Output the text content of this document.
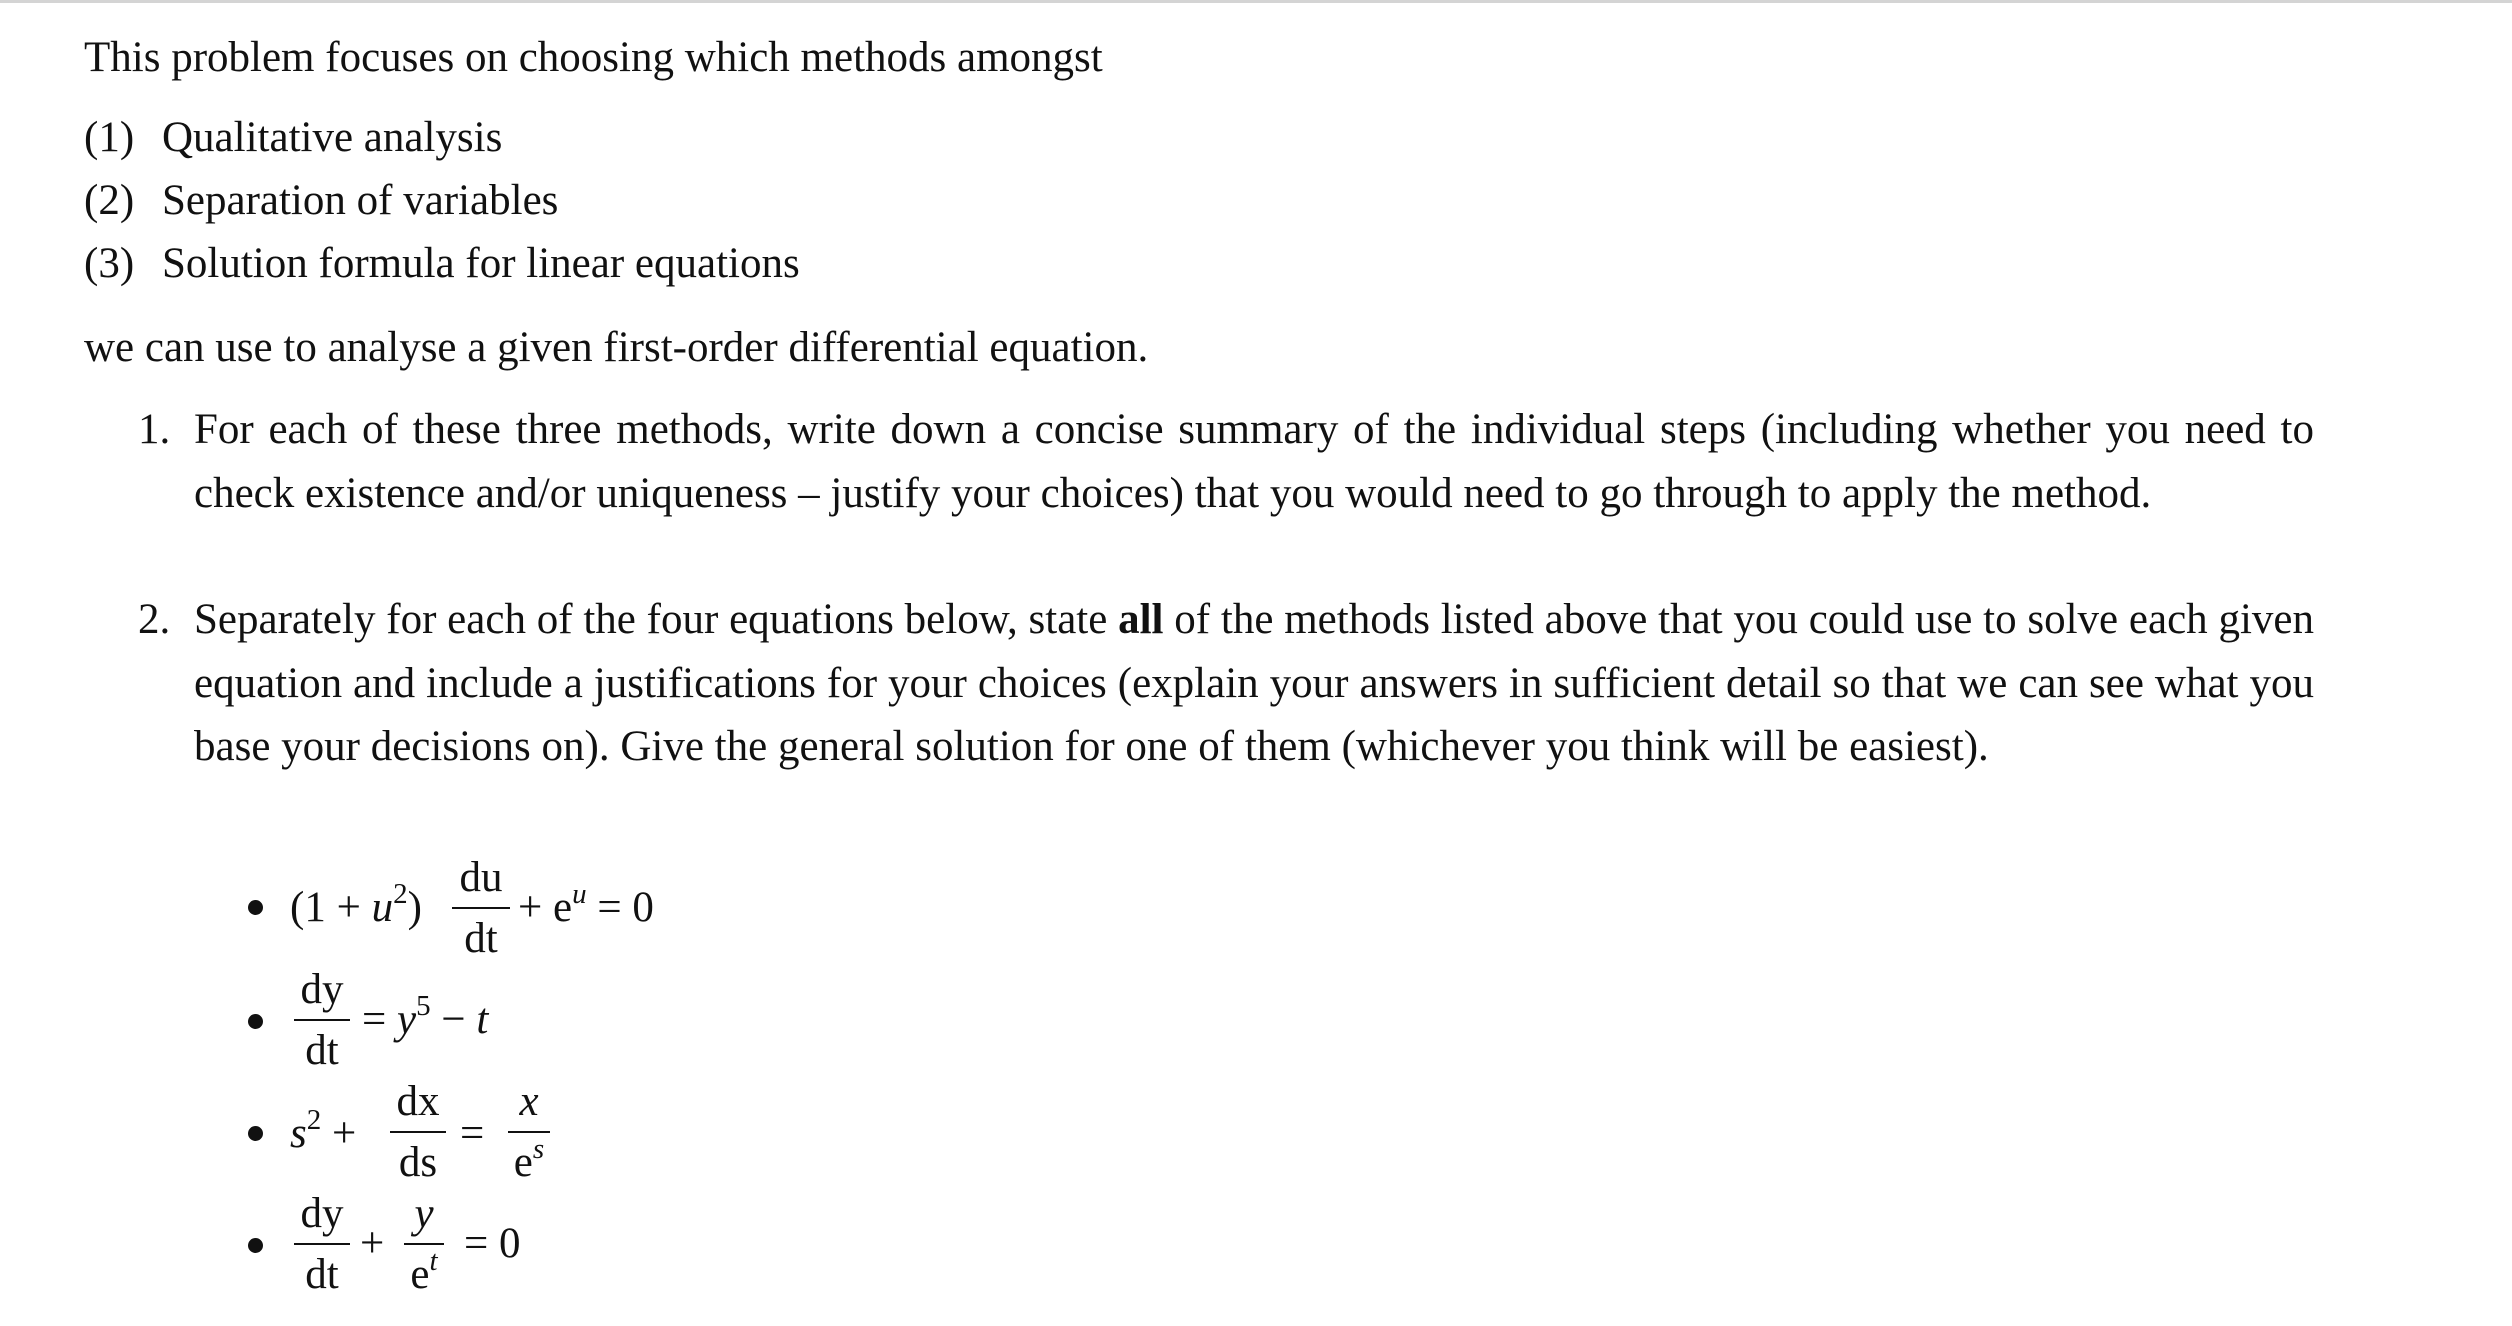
This problem focuses on choosing which methods amongst
(1) Qualitative analysis
(2) Separation of variables
(3) Solution formula for linear equations
we can use to analyse a given first-order differential equation.
1. For each of these three methods, write down a concise summary of the individual steps (including whether you need to check existence and/or uniqueness – justify your choices) that you would need to go through to apply the method.
2. Separately for each of the four equations below, state all of the methods listed above that you could use to solve each given equation and include a justifications for your choices (explain your answers in sufficient detail so that we can see what you base your decisions on). Give the general solution for one of them (whichever you think will be easiest).
$(1 + u^2)$
du
dt
+ $e^u = 0$
dy
dt
= $y^5 - t$
$s^2$ +
dx
ds
=
x
$e^s$
dy
dt
+
y
$e^t = 0$
